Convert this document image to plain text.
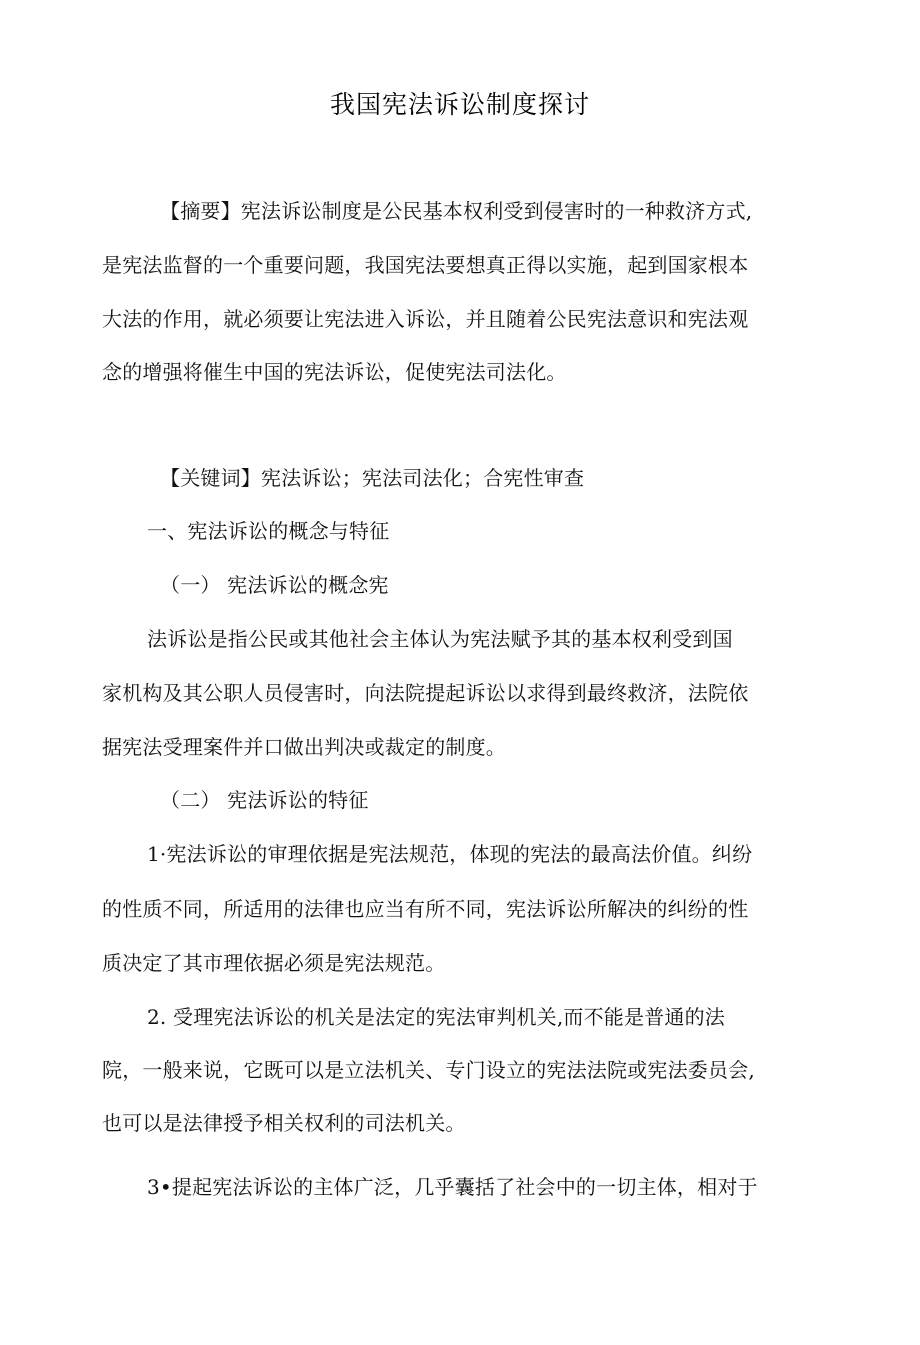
我国宪法诉讼制度探讨
【摘要】宪法诉讼制度是公民基本权利受到侵害时的一种救济方式,
是宪法监督的一个重要问题，我国宪法要想真正得以实施，起到国家根本
大法的作用，就必须要让宪法进入诉讼，并且随着公民宪法意识和宪法观
念的增强将催生中国的宪法诉讼，促使宪法司法化。
【关键词】宪法诉讼；宪法司法化；合宪性审查
一、宪法诉讼的概念与特征
（一） 宪法诉讼的概念宪
法诉讼是指公民或其他社会主体认为宪法赋予其的基本权利受到国
家机构及其公职人员侵害时，向法院提起诉讼以求得到最终救济，法院依
据宪法受理案件并口做出判决或裁定的制度。
（二） 宪法诉讼的特征
1·宪法诉讼的审理依据是宪法规范，体现的宪法的最高法价值。纠纷
的性质不同，所适用的法律也应当有所不同，宪法诉讼所解决的纠纷的性
质决定了其市理依据必须是宪法规范。
2. 受理宪法诉讼的机关是法定的宪法审判机关,而不能是普通的法
院，一般来说，它既可以是立法机关、专门设立的宪法法院或宪法委员会,
也可以是法律授予相关权利的司法机关。
3•提起宪法诉讼的主体广泛，几乎囊括了社会中的一切主体，相对于
